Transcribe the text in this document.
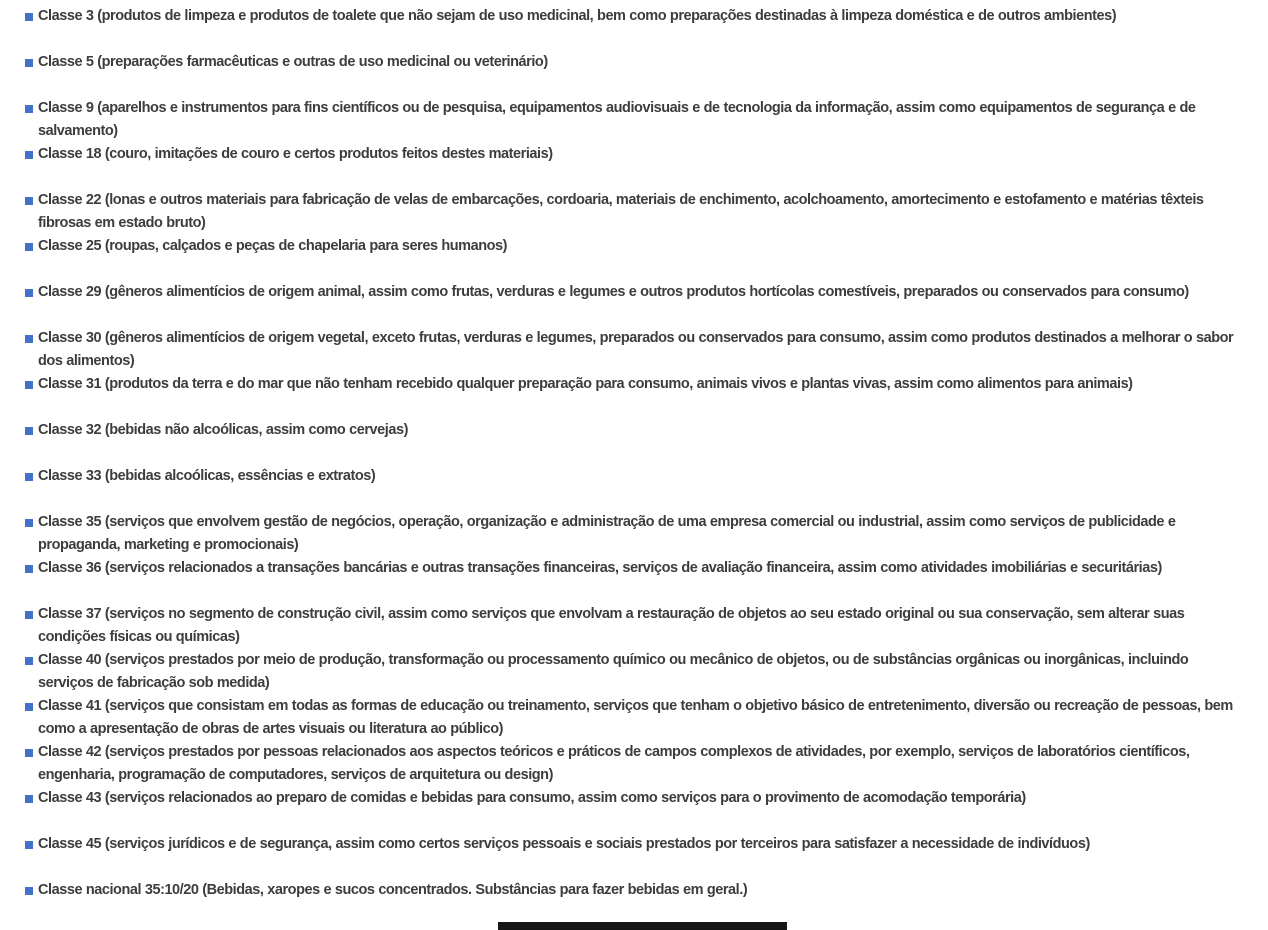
Classe 3 (produtos de limpeza e produtos de toalete que não sejam de uso medicinal, bem como preparações destinadas à limpeza doméstica e de outros ambientes)
Classe 5 (preparações farmacêuticas e outras de uso medicinal ou veterinário)
Classe 9 (aparelhos e instrumentos para fins científicos ou de pesquisa, equipamentos audiovisuais e de tecnologia da informação, assim como equipamentos de segurança e de salvamento)
Classe 18 (couro, imitações de couro e certos produtos feitos destes materiais)
Classe 22 (lonas e outros materiais para fabricação de velas de embarcações, cordoaria, materiais de enchimento, acolchoamento, amortecimento e estofamento e matérias têxteis fibrosas em estado bruto)
Classe 25 (roupas, calçados e peças de chapelaria para seres humanos)
Classe 29 (gêneros alimentícios de origem animal, assim como frutas, verduras e legumes e outros produtos hortícolas comestíveis, preparados ou conservados para consumo)
Classe 30 (gêneros alimentícios de origem vegetal, exceto frutas, verduras e legumes, preparados ou conservados para consumo, assim como produtos destinados a melhorar o sabor dos alimentos)
Classe 31 (produtos da terra e do mar que não tenham recebido qualquer preparação para consumo, animais vivos e plantas vivas, assim como alimentos para animais)
Classe 32 (bebidas não alcoólicas, assim como cervejas)
Classe 33 (bebidas alcoólicas, essências e extratos)
Classe 35 (serviços que envolvem gestão de negócios, operação, organização e administração de uma empresa comercial ou industrial, assim como serviços de publicidade e propaganda, marketing e promocionais)
Classe 36 (serviços relacionados a transações bancárias e outras transações financeiras, serviços de avaliação financeira, assim como atividades imobiliárias e securitárias)
Classe 37 (serviços no segmento de construção civil, assim como serviços que envolvam a restauração de objetos ao seu estado original ou sua conservação, sem alterar suas condições físicas ou químicas)
Classe 40 (serviços prestados por meio de produção, transformação ou processamento químico ou mecânico de objetos, ou de substâncias orgânicas ou inorgânicas, incluindo serviços de fabricação sob medida)
Classe 41 (serviços que consistam em todas as formas de educação ou treinamento, serviços que tenham o objetivo básico de entretenimento, diversão ou recreação de pessoas, bem como a apresentação de obras de artes visuais ou literatura ao público)
Classe 42 (serviços prestados por pessoas relacionados aos aspectos teóricos e práticos de campos complexos de atividades, por exemplo, serviços de laboratórios científicos, engenharia, programação de computadores, serviços de arquitetura ou design)
Classe 43 (serviços relacionados ao preparo de comidas e bebidas para consumo, assim como serviços para o provimento de acomodação temporária)
Classe 45 (serviços jurídicos e de segurança, assim como certos serviços pessoais e sociais prestados por terceiros para satisfazer a necessidade de indivíduos)
Classe nacional 35:10/20 (Bebidas, xaropes e sucos concentrados. Substâncias para fazer bebidas em geral.)
